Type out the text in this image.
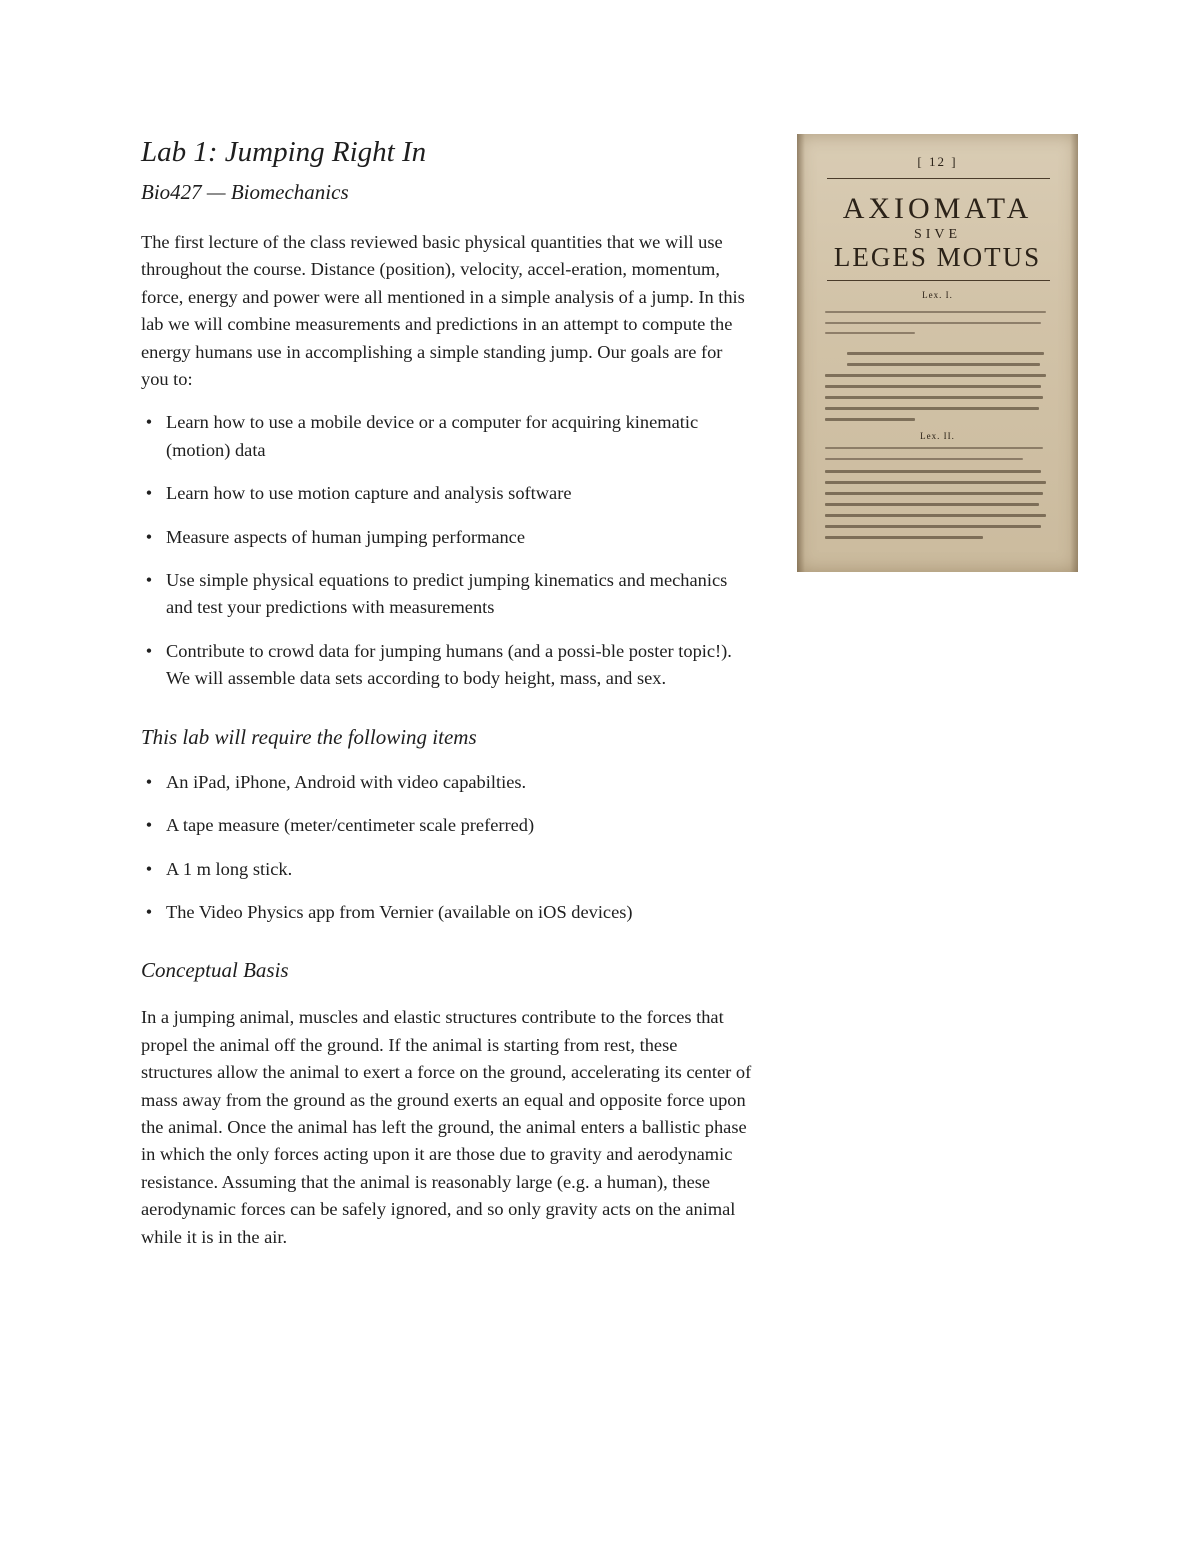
Lab 1: Jumping Right In
Bio427 — Biomechanics

The first lecture of the class reviewed basic physical quantities that we will use throughout the course. Distance (position), velocity, accel-eration, momentum, force, energy and power were all mentioned in a simple analysis of a jump. In this lab we will combine measurements and predictions in an attempt to compute the energy humans use in accomplishing a simple standing jump. Our goals are for you to:

• Learn how to use a mobile device or a computer for acquiring kinematic (motion) data
• Learn how to use motion capture and analysis software
• Measure aspects of human jumping performance
• Use simple physical equations to predict jumping kinematics and mechanics and test your predictions with measurements
• Contribute to crowd data for jumping humans (and a possi-ble poster topic!). We will assemble data sets according to body height, mass, and sex.
This lab will require the following items
• An iPad, iPhone, Android with video capabilties.
• A tape measure (meter/centimeter scale preferred)
• A 1 m long stick.
• The Video Physics app from Vernier (available on iOS devices)
Conceptual Basis

In a jumping animal, muscles and elastic structures contribute to the forces that propel the animal off the ground. If the animal is starting from rest, these structures allow the animal to exert a force on the ground, accelerating its center of mass away from the ground as the ground exerts an equal and opposite force upon the animal. Once the animal has left the ground, the animal enters a ballistic phase in which the only forces acting upon it are those due to gravity and aerodynamic resistance. Assuming that the animal is reasonably large (e.g. a human), these aerodynamic forces can be safely ignored, and so only gravity acts on the animal while it is in the air.

[ 12 ]
AXIOMATA
SIVE
LEGES MOTUS
Lex. I.
Lex. II.
